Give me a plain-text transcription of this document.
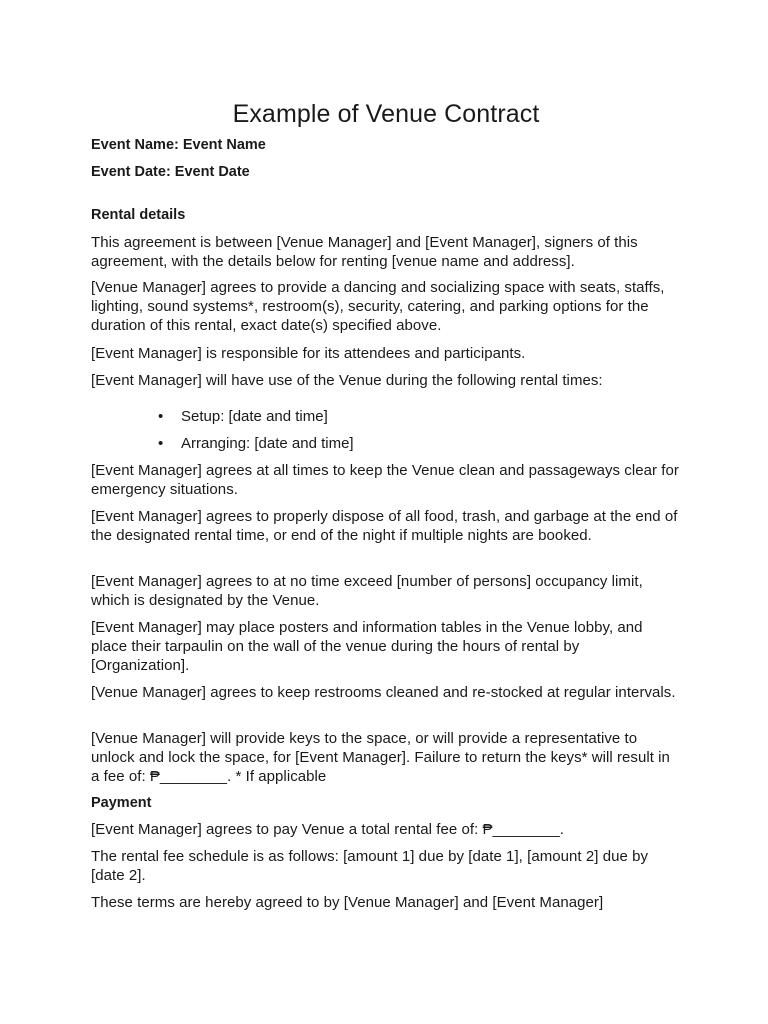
Example of Venue Contract

Event Name: Event Name

Event Date: Event Date

Rental details

This agreement is between [Venue Manager] and [Event Manager], signers of this agreement, with the details below for renting [venue name and address].

[Venue Manager] agrees to provide a dancing and socializing space with seats, staffs, lighting, sound systems*, restroom(s), security, catering, and parking options for the duration of this rental, exact date(s) specified above.

[Event Manager] is responsible for its attendees and participants.

[Event Manager] will have use of the Venue during the following rental times:

• Setup: [date and time]
• Arranging: [date and time]

[Event Manager] agrees at all times to keep the Venue clean and passageways clear for emergency situations.

[Event Manager] agrees to properly dispose of all food, trash, and garbage at the end of the designated rental time, or end of the night if multiple nights are booked.

[Event Manager] agrees to at no time exceed [number of persons] occupancy limit, which is designated by the Venue.

[Event Manager] may place posters and information tables in the Venue lobby, and place their tarpaulin on the wall of the venue during the hours of rental by [Organization].

[Venue Manager] agrees to keep restrooms cleaned and re-stocked at regular intervals.

[Venue Manager] will provide keys to the space, or will provide a representative to unlock and lock the space, for [Event Manager]. Failure to return the keys* will result in a fee of: ₱________. * If applicable

Payment

[Event Manager] agrees to pay Venue a total rental fee of: ₱________.

The rental fee schedule is as follows: [amount 1] due by [date 1], [amount 2] due by [date 2].

These terms are hereby agreed to by [Venue Manager] and [Event Manager]
